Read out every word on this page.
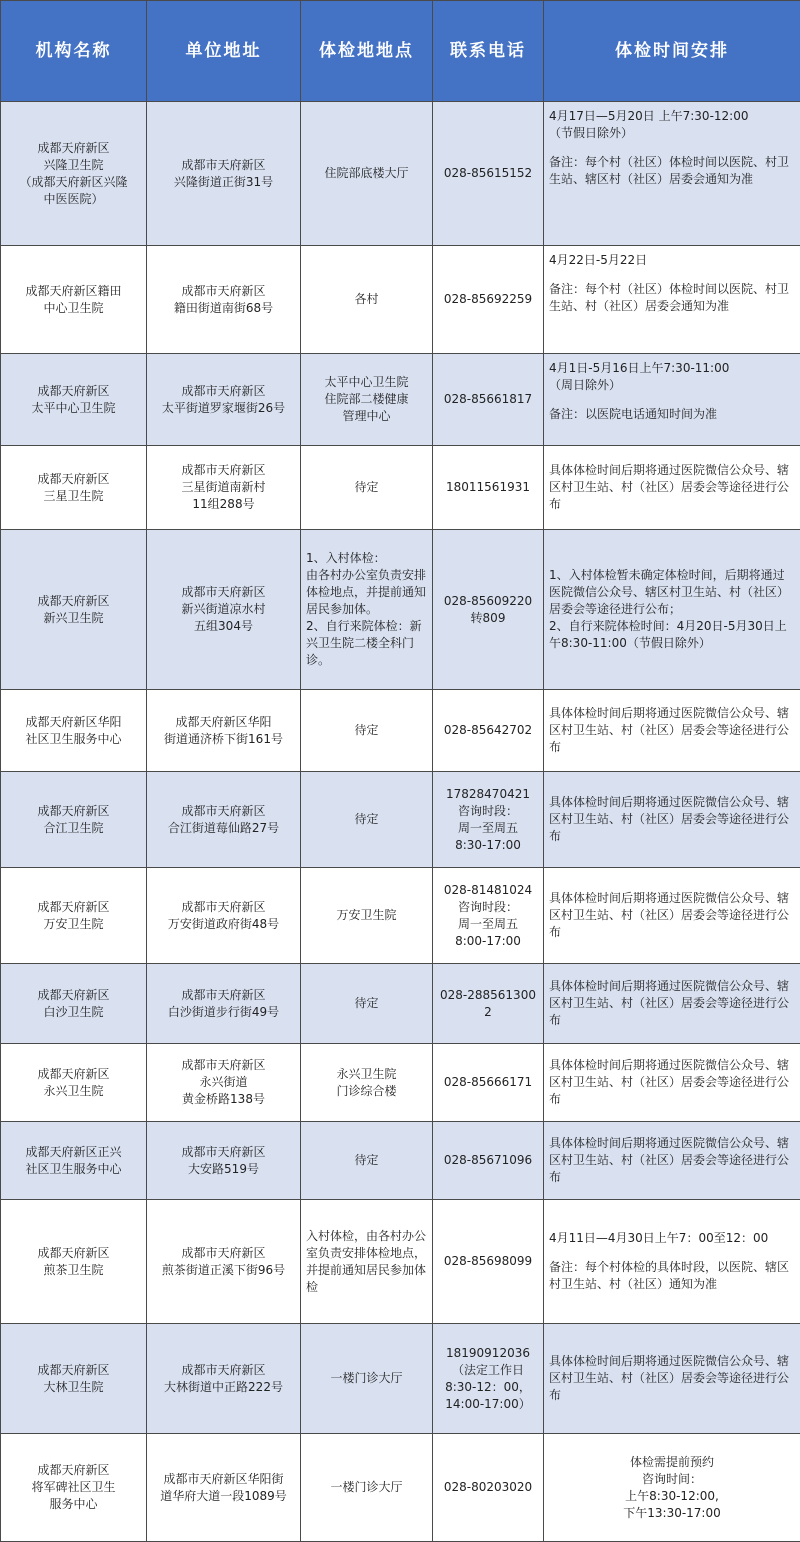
机构名称	单位地址	体检地地点	联系电话	体检时间安排

成都天府新区
兴隆卫生院
（成都天府新区兴隆
中医医院）	成都市天府新区
兴隆街道正街31号	住院部底楼大厅	028-85615152	4月17日—5月20日 上午7:30-12:00
（节假日除外）
备注：每个村（社区）体检时间以医院、村卫生站、辖区村（社区）居委会通知为准

成都天府新区籍田
中心卫生院	成都市天府新区
籍田街道南街68号	各村	028-85692259	4月22日-5月22日
备注：每个村（社区）体检时间以医院、村卫生站、村（社区）居委会通知为准

成都天府新区
太平中心卫生院	成都市天府新区
太平街道罗家堰街26号	太平中心卫生院
住院部二楼健康
管理中心	028-85661817	4月1日-5月16日上午7:30-11:00
（周日除外）
备注：以医院电话通知时间为准

成都天府新区
三星卫生院	成都市天府新区
三星街道南新村
11组288号	待定	18011561931	具体体检时间后期将通过医院微信公众号、辖区村卫生站、村（社区）居委会等途径进行公布

成都天府新区
新兴卫生院	成都市天府新区
新兴街道凉水村
五组304号	1、入村体检：
由各村办公室负责安排体检地点，并提前通知居民参加体。
2、自行来院体检：新兴卫生院二楼全科门诊。	028-85609220
转809	1、入村体检暂未确定体检时间，后期将通过医院微信公众号、辖区村卫生站、村（社区）居委会等途径进行公布；
2、自行来院体检时间：4月20日-5月30日上午8:30-11:00（节假日除外）

成都天府新区华阳
社区卫生服务中心	成都天府新区华阳
街道通济桥下街161号	待定	028-85642702	具体体检时间后期将通过医院微信公众号、辖区村卫生站、村（社区）居委会等途径进行公布

成都天府新区
合江卫生院	成都市天府新区
合江街道莓仙路27号	待定	17828470421
咨询时段：
周一至周五
8:30-17:00	具体体检时间后期将通过医院微信公众号、辖区村卫生站、村（社区）居委会等途径进行公布

成都天府新区
万安卫生院	成都市天府新区
万安街道政府街48号	万安卫生院	028-81481024
咨询时段：
周一至周五
8:00-17:00	具体体检时间后期将通过医院微信公众号、辖区村卫生站、村（社区）居委会等途径进行公布

成都天府新区
白沙卫生院	成都市天府新区
白沙街道步行街49号	待定	028-2885613002	具体体检时间后期将通过医院微信公众号、辖区村卫生站、村（社区）居委会等途径进行公布

成都天府新区
永兴卫生院	成都市天府新区
永兴街道
黄金桥路138号	永兴卫生院
门诊综合楼	028-85666171	具体体检时间后期将通过医院微信公众号、辖区村卫生站、村（社区）居委会等途径进行公布

成都天府新区正兴
社区卫生服务中心	成都市天府新区
大安路519号	待定	028-85671096	具体体检时间后期将通过医院微信公众号、辖区村卫生站、村（社区）居委会等途径进行公布

成都天府新区
煎茶卫生院	成都市天府新区
煎茶街道正溪下街96号	入村体检，由各村办公室负责安排体检地点，并提前通知居民参加体检	028-85698099	4月11日—4月30日上午7：00至12：00
备注：每个村体检的具体时段，以医院、辖区村卫生站、村（社区）通知为准

成都天府新区
大林卫生院	成都市天府新区
大林街道中正路222号	一楼门诊大厅	18190912036
（法定工作日
8:30-12：00，
14:00-17:00）	具体体检时间后期将通过医院微信公众号、辖区村卫生站、村（社区）居委会等途径进行公布

成都天府新区
将军碑社区卫生
服务中心	成都市天府新区华阳街
道华府大道一段1089号	一楼门诊大厅	028-80203020	体检需提前预约
咨询时间：
上午8:30-12:00,
下午13:30-17:00
